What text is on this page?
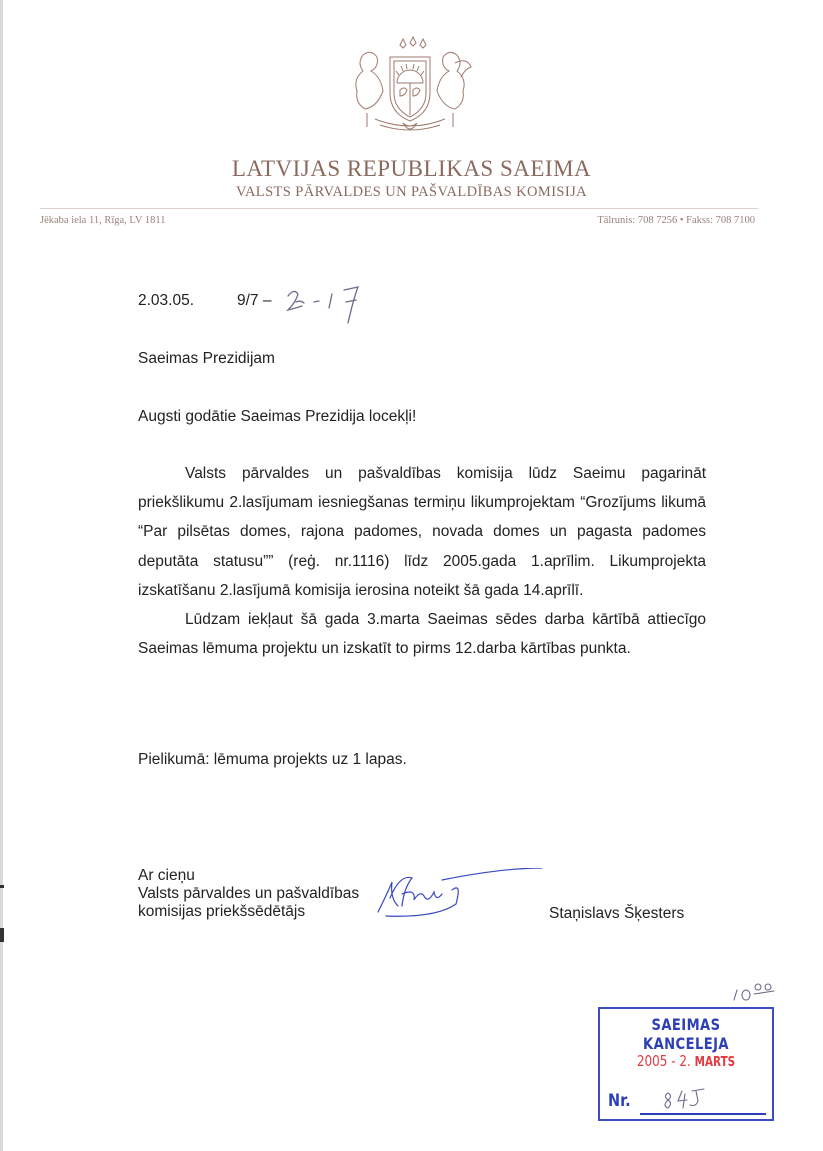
LATVIJAS REPUBLIKAS SAEIMA
VALSTS PĀRVALDES UN PAŠVALDĪBAS KOMISIJA
Jēkaba iela 11, Rīga, LV 1811	Tālrunis: 708 7256 • Fakss: 708 7100
2.03.05.	9/7 –
Saeimas Prezidijam
Augsti godātie Saeimas Prezidija locekļi!

Valsts pārvaldes un pašvaldības komisija lūdz Saeimu pagarināt priekšlikumu 2.lasījumam iesniegšanas termiņu likumprojektam “Grozījums likumā “Par pilsētas domes, rajona padomes, novada domes un pagasta padomes deputāta statusu”” (reģ. nr.1116) līdz 2005.gada 1.aprīlim. Likumprojekta izskatīšanu 2.lasījumā komisija ierosina noteikt šā gada 14.aprīlī.

Lūdzam iekļaut šā gada 3.marta Saeimas sēdes darba kārtībā attiecīgo Saeimas lēmuma projektu un izskatīt to pirms 12.darba kārtības punkta.

Pielikumā: lēmuma projekts uz 1 lapas.
Ar cieņu
Valsts pārvaldes un pašvaldības
komisijas priekšsēdētājs	Staņislavs Šķesters
SAEIMAS KANCELEJA
2005 - 2. MARTS
Nr.
